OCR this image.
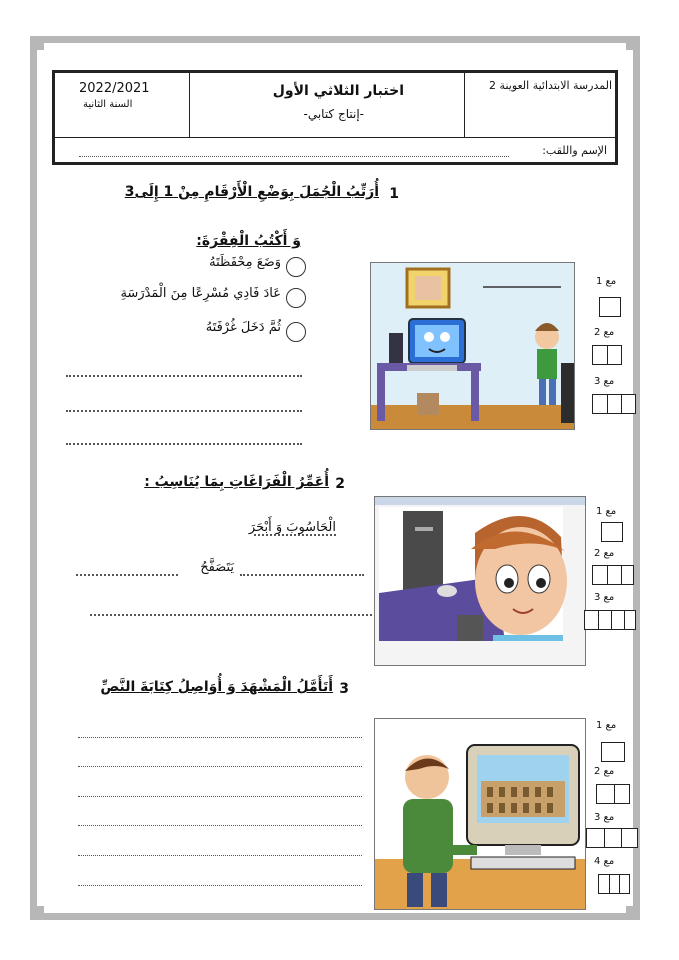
2022/2021
السنة الثانية
اختبار الثلاثي الأول
-إنتاج كتابي-
المدرسة الابتدائية العوينة 2
الإسم واللقب:
1
أُرَتِّبُ الْجُمَلَ بِوَضْعِ الْأَرْقَامِ مِنْ 1 إِلَى3
وَ أَكْتُبُ الْفِقْرَةَ:
وَضَعَ مِحْفَظَتَهُ
عَادَ فَادِي مُسْرِعًا مِنَ الْمَدْرَسَةِ
ثُمَّ دَخَلَ غُرْفَتَهُ
مع 1
مع 2
مع 3
2
أُعَمِّرُ الْفَرَاغَاتِ بِمَا يُنَاسِبُ :
الْحَاسُوبَ وَ أَبْحَرَ
يَتَصَفَّحُ
مع 1
مع 2
مع 3
3
أَتَأَمَّلُ الْمَشْهَدَ وَ أُوَاصِلُ كِتَابَةَ النَّصِّ
مع 1
مع 2
مع 3
مع 4
